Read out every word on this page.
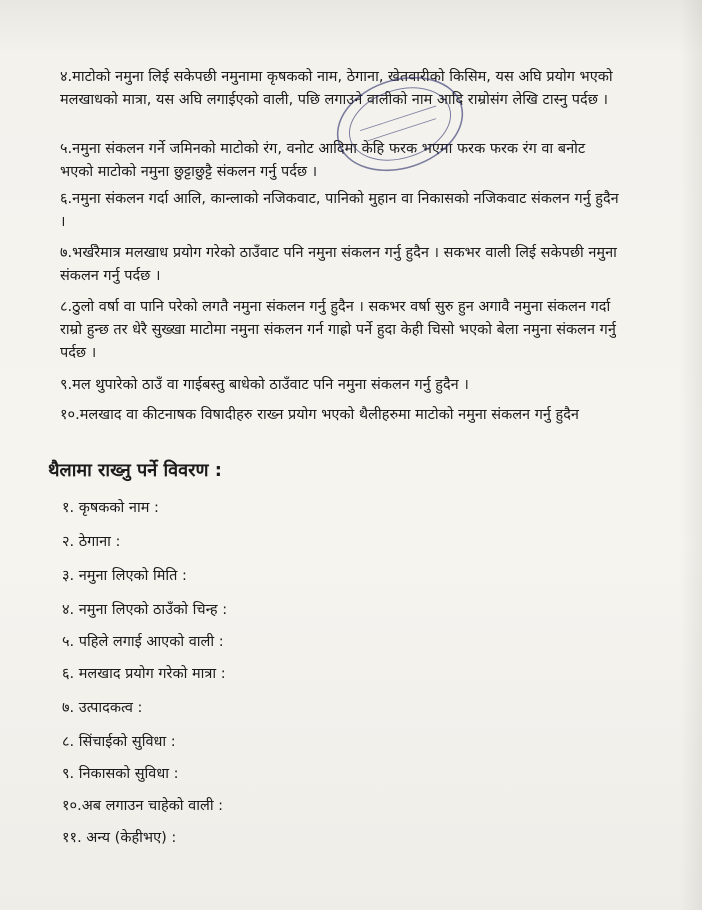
४.माटोको नमुना लिई सकेपछी नमुनामा कृषकको नाम, ठेगाना, खेतवारीको किसिम, यस अघि प्रयोग भएको मलखाधको मात्रा, यस अघि लगाईएको वाली, पछि लगाउने वालीको नाम आदि राम्रोसंग लेखि टास्नु पर्दछ ।
५.नमुना संकलन गर्ने जमिनको माटोको रंग, वनोट आदिमा केहि फरक भएमा फरक फरक रंग वा बनोट भएको माटोको नमुना छुट्टाछुट्टै संकलन गर्नु पर्दछ ।
६.नमुना संकलन गर्दा आलि, कान्लाको नजिकवाट, पानिको मुहान वा निकासको नजिकवाट संकलन गर्नु हुदैन ।
७.भर्खरैमात्र मलखाध प्रयोग गरेको ठाउँवाट पनि नमुना संकलन गर्नु हुदैन । सकभर वाली लिई सकेपछी नमुना संकलन गर्नु पर्दछ ।
८.ठुलो वर्षा वा पानि परेको लगतै नमुना संकलन गर्नु हुदैन । सकभर वर्षा सुरु हुन अगावै नमुना संकलन गर्दा राम्रो हुन्छ तर धेरै सुख्खा माटोमा नमुना संकलन गर्न गाह्रो पर्ने हुदा केही चिसो भएको बेला नमुना संकलन गर्नु पर्दछ ।
९.मल थुपारेको ठाउँ वा गाईबस्तु बाधेको ठाउँवाट पनि नमुना संकलन गर्नु हुदैन ।
१०.मलखाद वा कीटनाषक विषादीहरु राख्न प्रयोग भएको थैलीहरुमा माटोको नमुना संकलन गर्नु हुदैन
थैलामा राख्नु पर्ने विवरण :
१. कृषकको नाम :
२. ठेगाना :
३. नमुना लिएको मिति :
४. नमुना लिएको ठाउँको चिन्ह :
५. पहिले लगाई आएको वाली :
६. मलखाद प्रयोग गरेको मात्रा :
७. उत्पादकत्व :
८. सिंचाईको सुविधा :
९. निकासको सुविधा :
१०.अब लगाउन चाहेको वाली :
११. अन्य (केहीभए) :
